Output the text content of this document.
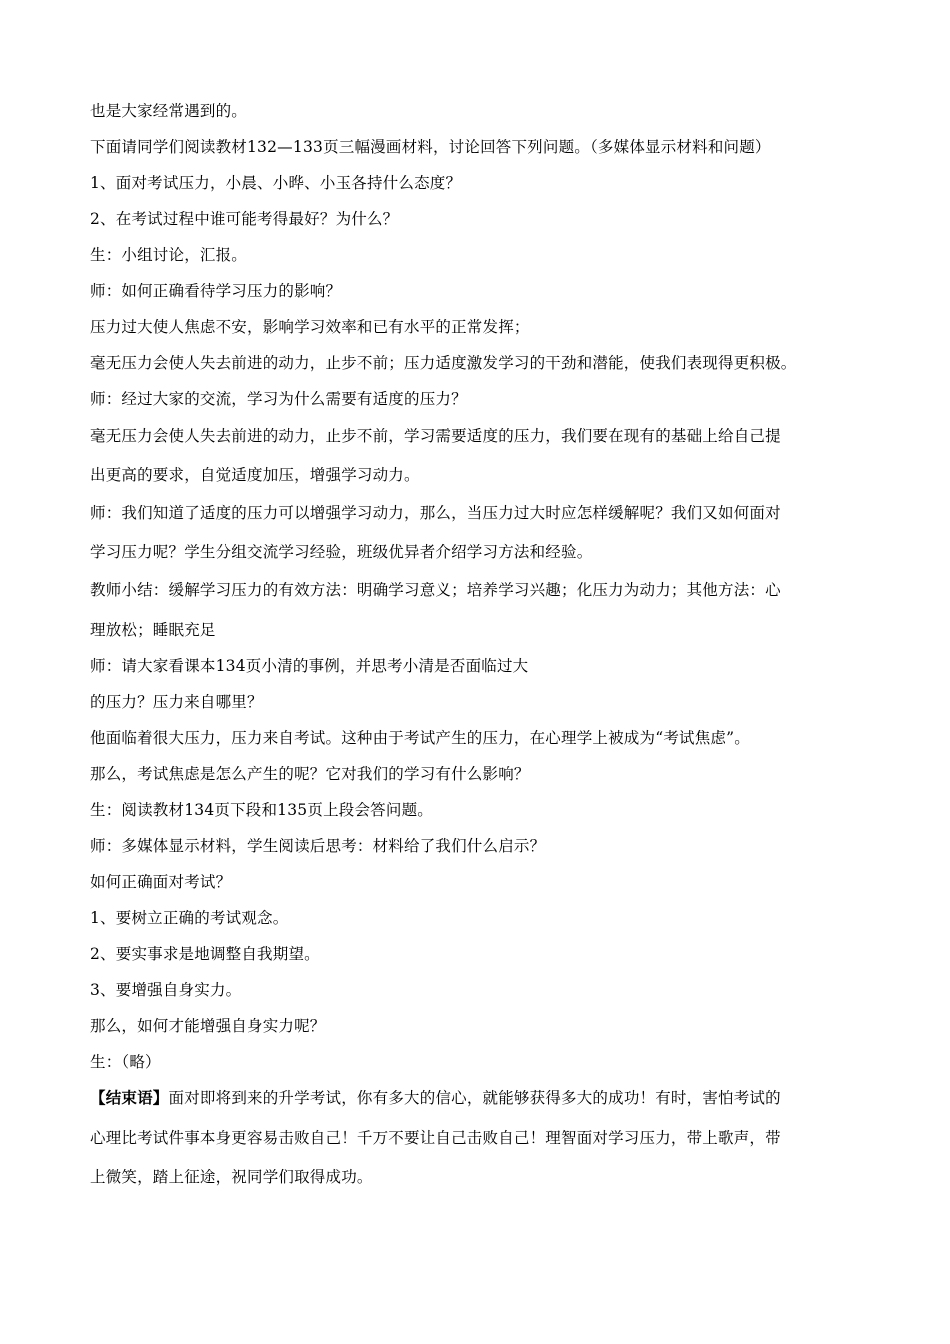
也是大家经常遇到的。
下面请同学们阅读教材132—133页三幅漫画材料，讨论回答下列问题。（多媒体显示材料和问题）
1、面对考试压力，小晨、小晔、小玉各持什么态度？
2、在考试过程中谁可能考得最好？为什么？
生：小组讨论，汇报。
师：如何正确看待学习压力的影响？
压力过大使人焦虑不安，影响学习效率和已有水平的正常发挥；
毫无压力会使人失去前进的动力，止步不前；压力适度激发学习的干劲和潜能，使我们表现得更积极。
师：经过大家的交流，学习为什么需要有适度的压力？
毫无压力会使人失去前进的动力，止步不前，学习需要适度的压力，我们要在现有的基础上给自己提
出更高的要求，自觉适度加压，增强学习动力。
师：我们知道了适度的压力可以增强学习动力，那么，当压力过大时应怎样缓解呢？我们又如何面对
学习压力呢？学生分组交流学习经验，班级优异者介绍学习方法和经验。
教师小结：缓解学习压力的有效方法：明确学习意义；培养学习兴趣；化压力为动力；其他方法：心
理放松；睡眠充足
师：请大家看课本134页小清的事例，并思考小清是否面临过大
的压力？压力来自哪里？
他面临着很大压力，压力来自考试。这种由于考试产生的压力，在心理学上被成为“考试焦虑”。
那么，考试焦虑是怎么产生的呢？它对我们的学习有什么影响？
生：阅读教材134页下段和135页上段会答问题。
师：多媒体显示材料，学生阅读后思考：材料给了我们什么启示？
如何正确面对考试？
1、要树立正确的考试观念。
2、要实事求是地调整自我期望。
3、要增强自身实力。
那么，如何才能增强自身实力呢？
生：（略）
【结束语】面对即将到来的升学考试，你有多大的信心，就能够获得多大的成功！有时，害怕考试的
心理比考试件事本身更容易击败自己！千万不要让自己击败自己！理智面对学习压力，带上歌声，带
上微笑，踏上征途，祝同学们取得成功。
